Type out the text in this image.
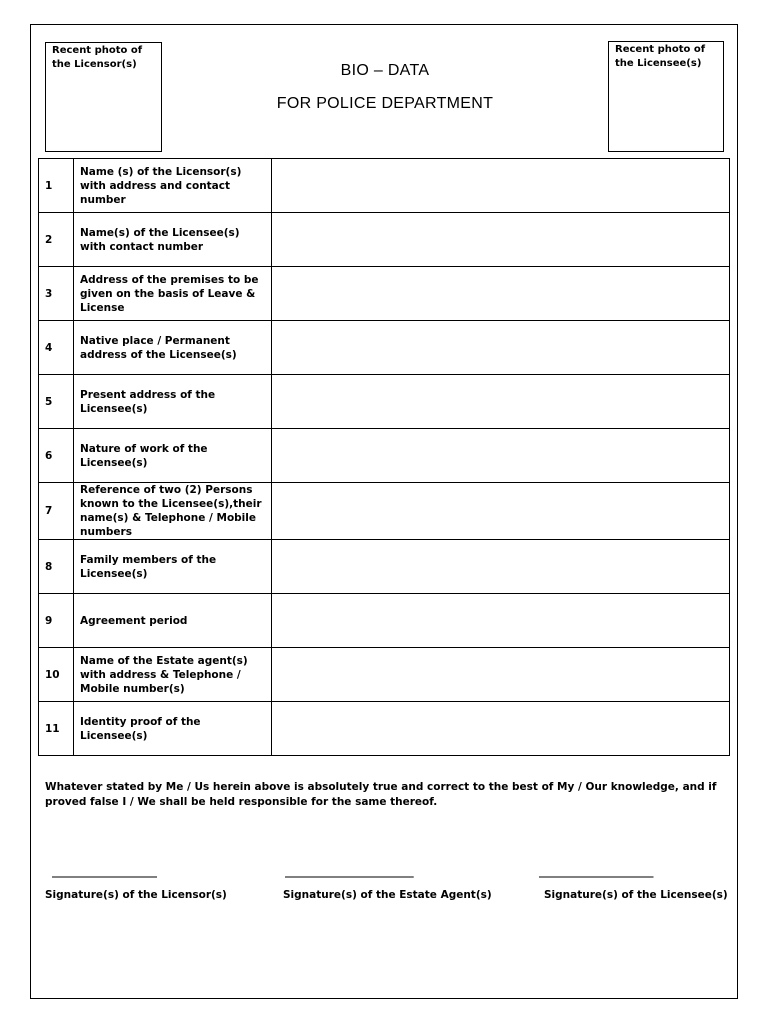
Recent photo of the Licensor(s)
Recent photo of the Licensee(s)
BIO – DATA
FOR POLICE DEPARTMENT
1	Name (s) of the Licensor(s) with address and contact number	
2	Name(s) of the Licensee(s) with contact number	
3	Address of the premises to be given on the basis of Leave & License	
4	Native place / Permanent address of the Licensee(s)	
5	Present address of the Licensee(s)	
6	Nature of work of the Licensee(s)	
7	Reference of two (2) Persons known to the Licensee(s),their name(s) & Telephone / Mobile numbers	
8	Family members of the Licensee(s)	
9	Agreement period	
10	Name of the Estate agent(s) with address & Telephone / Mobile number(s)	
11	Identity proof of the Licensee(s)	
Whatever stated by Me / Us herein above is absolutely true and correct to the best of My / Our knowledge, and if proved false I / We shall be held responsible for the same thereof.
______________________	___________________________	________________________
Signature(s) of the Licensor(s)	Signature(s) of the Estate Agent(s)	Signature(s) of the Licensee(s)
